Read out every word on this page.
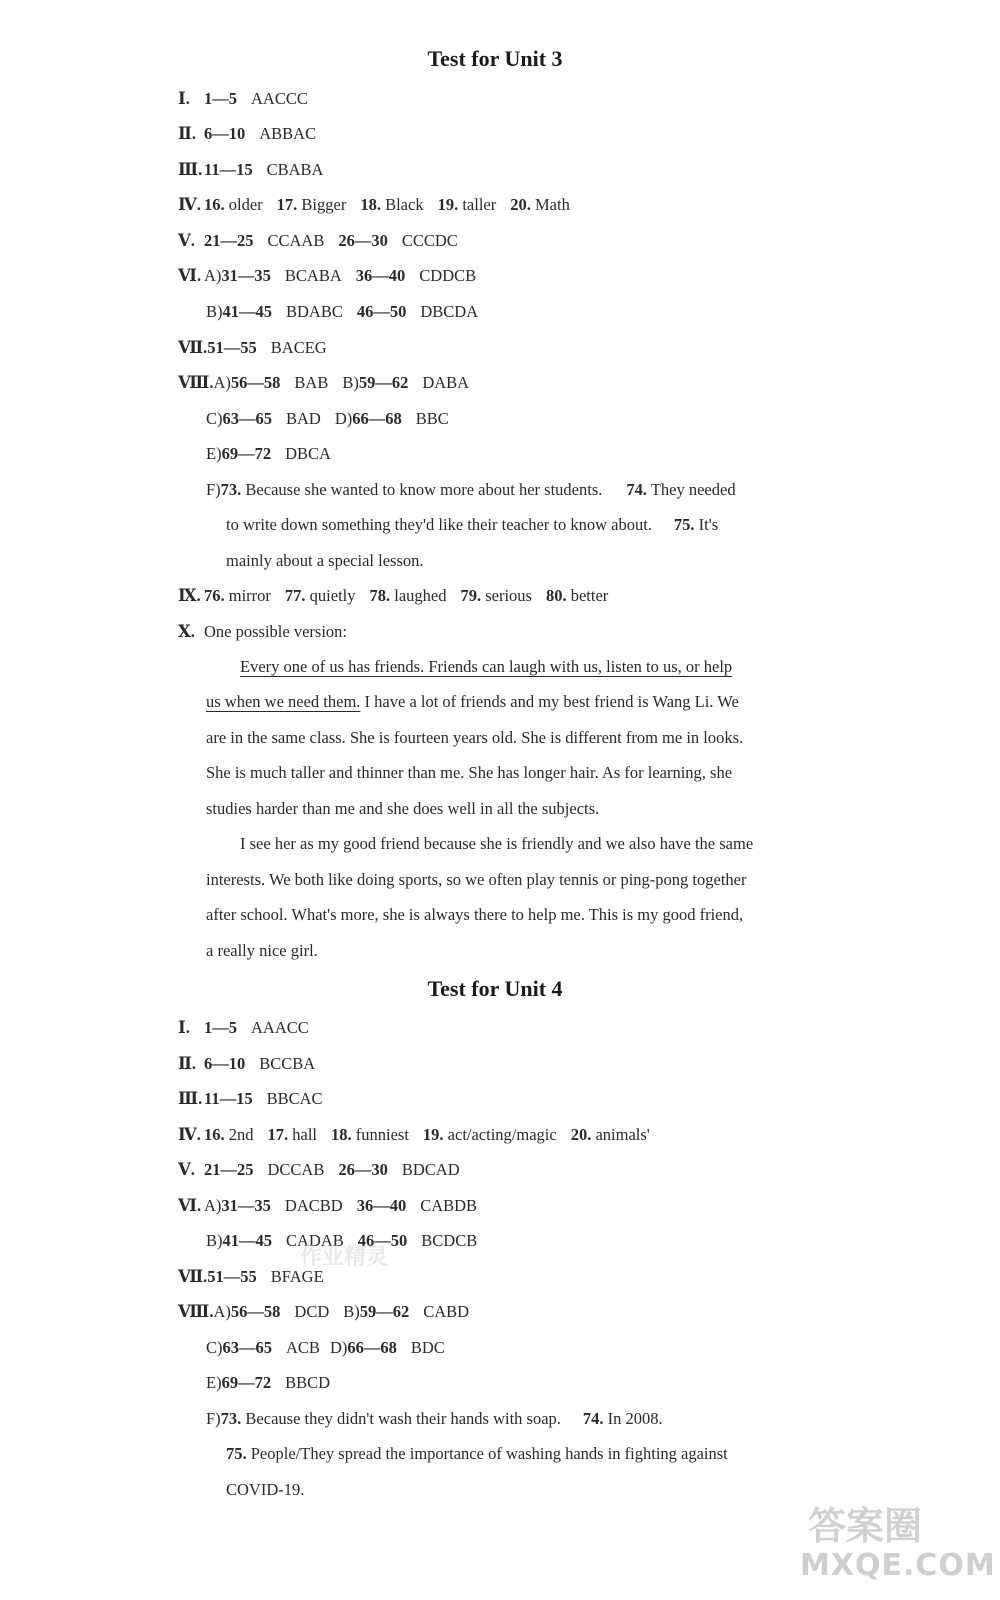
Test for Unit 3
Ⅰ. 1—5 AACCC
Ⅱ. 6—10 ABBAC
Ⅲ. 11—15 CBABA
Ⅳ. 16. older 17. Bigger 18. Black 19. taller 20. Math
Ⅴ. 21—25 CCAAB 26—30 CCCDC
Ⅵ. A)31—35 BCABA 36—40 CDDCB
B)41—45 BDABC 46—50 DBCDA
Ⅶ.51—55 BACEG
Ⅷ.A)56—58 BAB B)59—62 DABA
C)63—65 BAD D)66—68 BBC
E)69—72 DBCA
F)73. Because she wanted to know more about her students. 74. They needed
to write down something they'd like their teacher to know about. 75. It's
mainly about a special lesson.
Ⅸ. 76. mirror 77. quietly 78. laughed 79. serious 80. better
Ⅹ. One possible version:
Every one of us has friends. Friends can laugh with us, listen to us, or help
us when we need them. I have a lot of friends and my best friend is Wang Li. We
are in the same class. She is fourteen years old. She is different from me in looks.
She is much taller and thinner than me. She has longer hair. As for learning, she
studies harder than me and she does well in all the subjects.
I see her as my good friend because she is friendly and we also have the same
interests. We both like doing sports, so we often play tennis or ping-pong together
after school. What's more, she is always there to help me. This is my good friend,
a really nice girl.
Test for Unit 4
Ⅰ. 1—5 AAACC
Ⅱ. 6—10 BCCBA
Ⅲ. 11—15 BBCAC
Ⅳ. 16. 2nd 17. hall 18. funniest 19. act/acting/magic 20. animals'
Ⅴ. 21—25 DCCAB 26—30 BDCAD
Ⅵ. A)31—35 DACBD 36—40 CABDB
B)41—45 CADAB 46—50 BCDCB
Ⅶ.51—55 BFAGE
Ⅷ.A)56—58 DCD B)59—62 CABD
C)63—65 ACB D)66—68 BDC
E)69—72 BBCD
F)73. Because they didn't wash their hands with soap. 74. In 2008.
75. People/They spread the importance of washing hands in fighting against
COVID-19.
作业精灵
答案圈
MXQE.COM
